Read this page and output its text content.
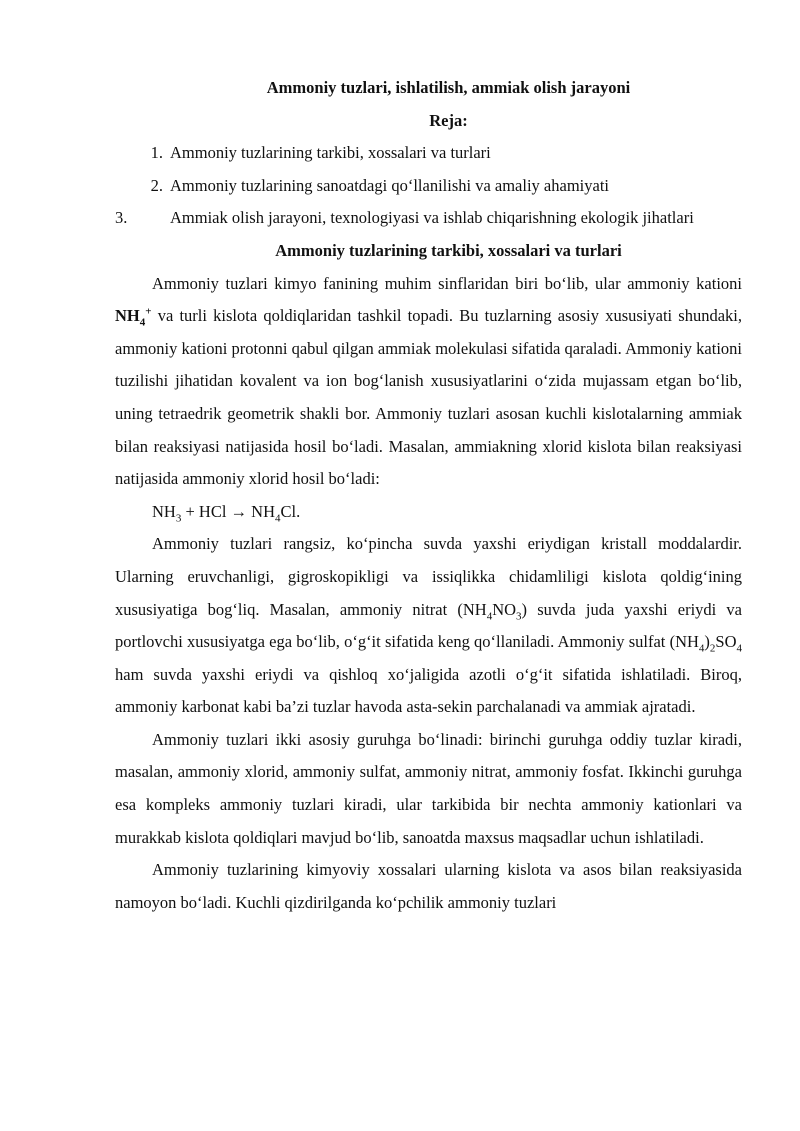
Ammoniy tuzlari, ishlatilish, ammiak olish jarayoni
Reja:
1. Ammoniy tuzlarining tarkibi, xossalari va turlari
2. Ammoniy tuzlarining sanoatdagi qo‘llanilishi va amaliy ahamiyati
3.	Ammiak olish jarayoni, texnologiyasi va ishlab chiqarishning ekologik jihatlari
Ammoniy tuzlarining tarkibi, xossalari va turlari

Ammoniy tuzlari kimyo fanining muhim sinflaridan biri bo‘lib, ular ammoniy kationi $NH_4^+$ va turli kislota qoldiqlaridan tashkil topadi. Bu tuzlarning asosiy xususiyati shundaki, ammoniy kationi protonni qabul qilgan ammiak molekulasi sifatida qaraladi. Ammoniy kationi tuzilishi jihatidan kovalent va ion bog‘lanish xususiyatlarini o‘zida mujassam etgan bo‘lib, uning tetraedrik geometrik shakli bor. Ammoniy tuzlari asosan kuchli kislotalarning ammiak bilan reaksiyasi natijasida hosil bo‘ladi. Masalan, ammiakning xlorid kislota bilan reaksiyasi natijasida ammoniy xlorid hosil bo‘ladi:

$NH_3$ + HCl → $NH_4Cl$.

Ammoniy tuzlari rangsiz, ko‘pincha suvda yaxshi eriydigan kristall moddalardir. Ularning eruvchanligi, gigroskopikligi va issiqlikka chidamliligi kislota qoldig‘ining xususiyatiga bog‘liq. Masalan, ammoniy nitrat $(NH_4NO_3)$ suvda juda yaxshi eriydi va portlovchi xususiyatga ega bo‘lib, o‘g‘it sifatida keng qo‘llaniladi. Ammoniy sulfat $(NH_4)_2SO_4$ ham suvda yaxshi eriydi va qishloq xo‘jaligida azotli o‘g‘it sifatida ishlatiladi. Biroq, ammoniy karbonat kabi ba’zi tuzlar havoda asta-sekin parchalanadi va ammiak ajratadi.

Ammoniy tuzlari ikki asosiy guruhga bo‘linadi: birinchi guruhga oddiy tuzlar kiradi, masalan, ammoniy xlorid, ammoniy sulfat, ammoniy nitrat, ammoniy fosfat. Ikkinchi guruhga esa kompleks ammoniy tuzlari kiradi, ular tarkibida bir nechta ammoniy kationlari va murakkab kislota qoldiqlari mavjud bo‘lib, sanoatda maxsus maqsadlar uchun ishlatiladi.

Ammoniy tuzlarining kimyoviy xossalari ularning kislota va asos bilan reaksiyasida namoyon bo‘ladi. Kuchli qizdirilganda ko‘pchilik ammoniy tuzlari
